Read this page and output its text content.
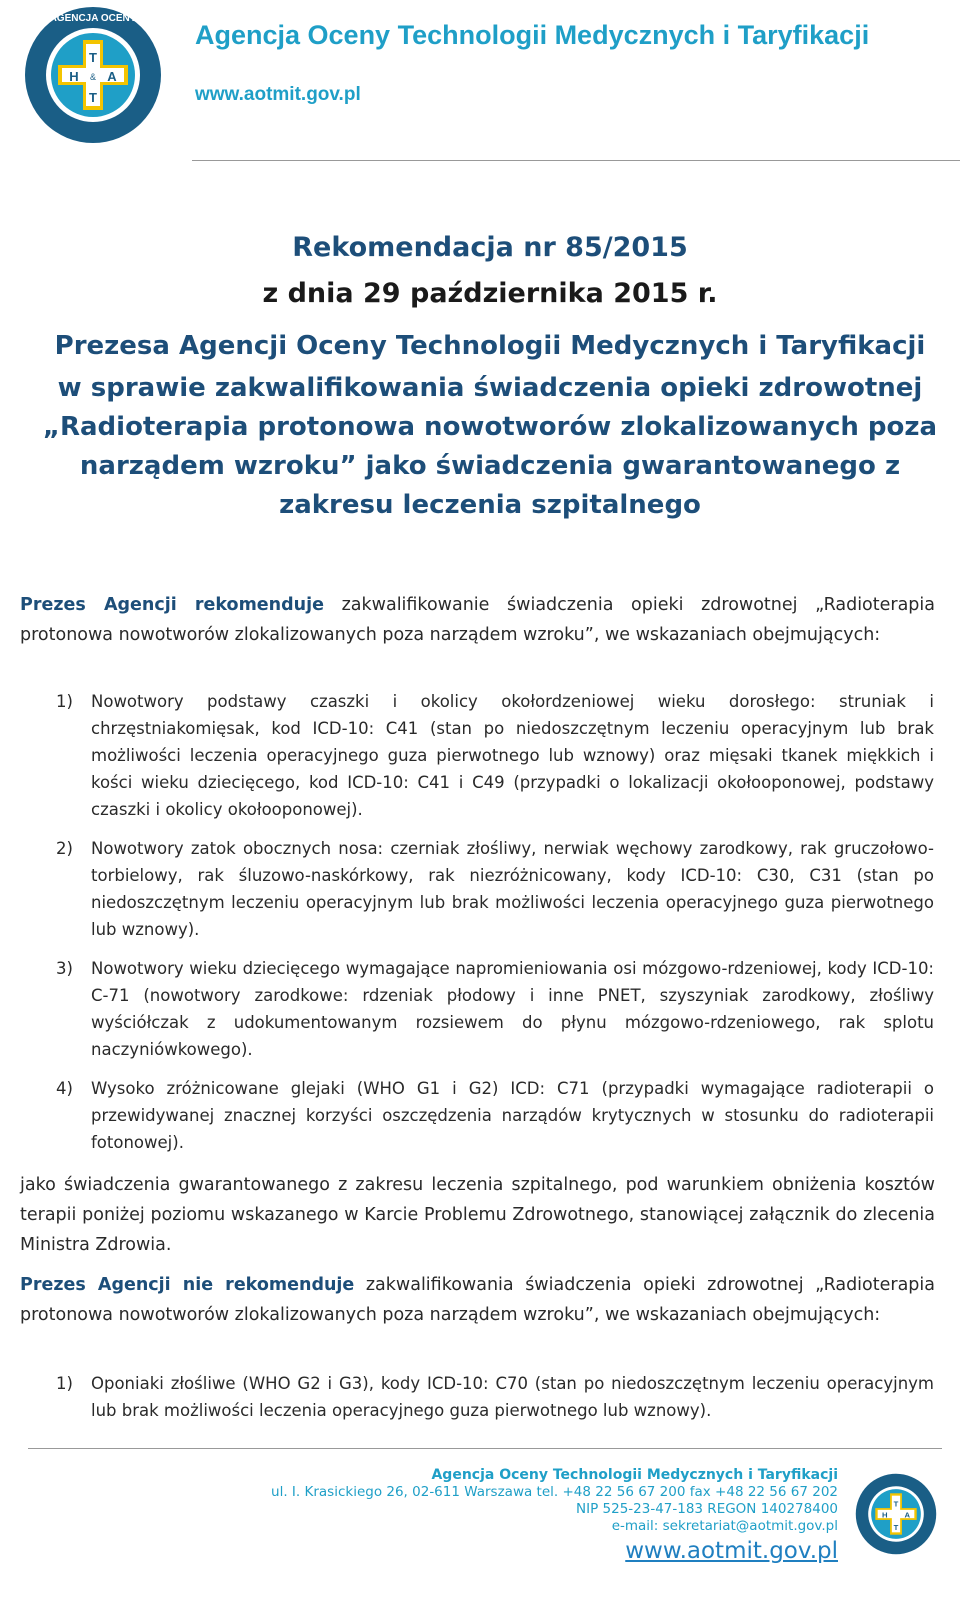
AGENCJA OCENY
H
T
A
&
T
Agencja Oceny Technologii Medycznych i Taryfikacji
www.aotmit.gov.pl
Rekomendacja nr 85/2015
z dnia 29 października 2015 r.
Prezesa Agencji Oceny Technologii Medycznych i Taryfikacji
w sprawie zakwalifikowania świadczenia opieki zdrowotnej „Radioterapia protonowa nowotworów zlokalizowanych poza narządem wzroku” jako świadczenia gwarantowanego z zakresu leczenia szpitalnego
Prezes Agencji rekomenduje zakwalifikowanie świadczenia opieki zdrowotnej „Radioterapia protonowa nowotworów zlokalizowanych poza narządem wzroku”, we wskazaniach obejmujących:
1) Nowotwory podstawy czaszki i okolicy okołordzeniowej wieku dorosłego: struniak i chrzęstniakomięsak, kod ICD-10: C41 (stan po niedoszczętnym leczeniu operacyjnym lub brak możliwości leczenia operacyjnego guza pierwotnego lub wznowy) oraz mięsaki tkanek miękkich i kości wieku dziecięcego, kod ICD-10: C41 i C49 (przypadki o lokalizacji okołooponowej, podstawy czaszki i okolicy okołooponowej).
2) Nowotwory zatok obocznych nosa: czerniak złośliwy, nerwiak węchowy zarodkowy, rak gruczołowo-torbielowy, rak śluzowo-naskórkowy, rak niezróżnicowany, kody ICD-10: C30, C31 (stan po niedoszczętnym leczeniu operacyjnym lub brak możliwości leczenia operacyjnego guza pierwotnego lub wznowy).
3) Nowotwory wieku dziecięcego wymagające napromieniowania osi mózgowo-rdzeniowej, kody ICD-10: C-71 (nowotwory zarodkowe: rdzeniak płodowy i inne PNET, szyszyniak zarodkowy, złośliwy wyściółczak z udokumentowanym rozsiewem do płynu mózgowo-rdzeniowego, rak splotu naczyniówkowego).
4) Wysoko zróżnicowane glejaki (WHO G1 i G2) ICD: C71 (przypadki wymagające radioterapii o przewidywanej znacznej korzyści oszczędzenia narządów krytycznych w stosunku do radioterapii fotonowej).
jako świadczenia gwarantowanego z zakresu leczenia szpitalnego, pod warunkiem obniżenia kosztów terapii poniżej poziomu wskazanego w Karcie Problemu Zdrowotnego, stanowiącej załącznik do zlecenia Ministra Zdrowia.
Prezes Agencji nie rekomenduje zakwalifikowania świadczenia opieki zdrowotnej „Radioterapia protonowa nowotworów zlokalizowanych poza narządem wzroku”, we wskazaniach obejmujących:
1) Oponiaki złośliwe (WHO G2 i G3), kody ICD-10: C70 (stan po niedoszczętnym leczeniu operacyjnym lub brak możliwości leczenia operacyjnego guza pierwotnego lub wznowy).
Agencja Oceny Technologii Medycznych i Taryfikacji
ul. I. Krasickiego 26, 02-611 Warszawa tel. +48 22 56 67 200 fax +48 22 56 67 202
NIP 525-23-47-183 REGON 140278400
e-mail: sekretariat@aotmit.gov.pl
www.aotmit.gov.pl
H
T
A
T
